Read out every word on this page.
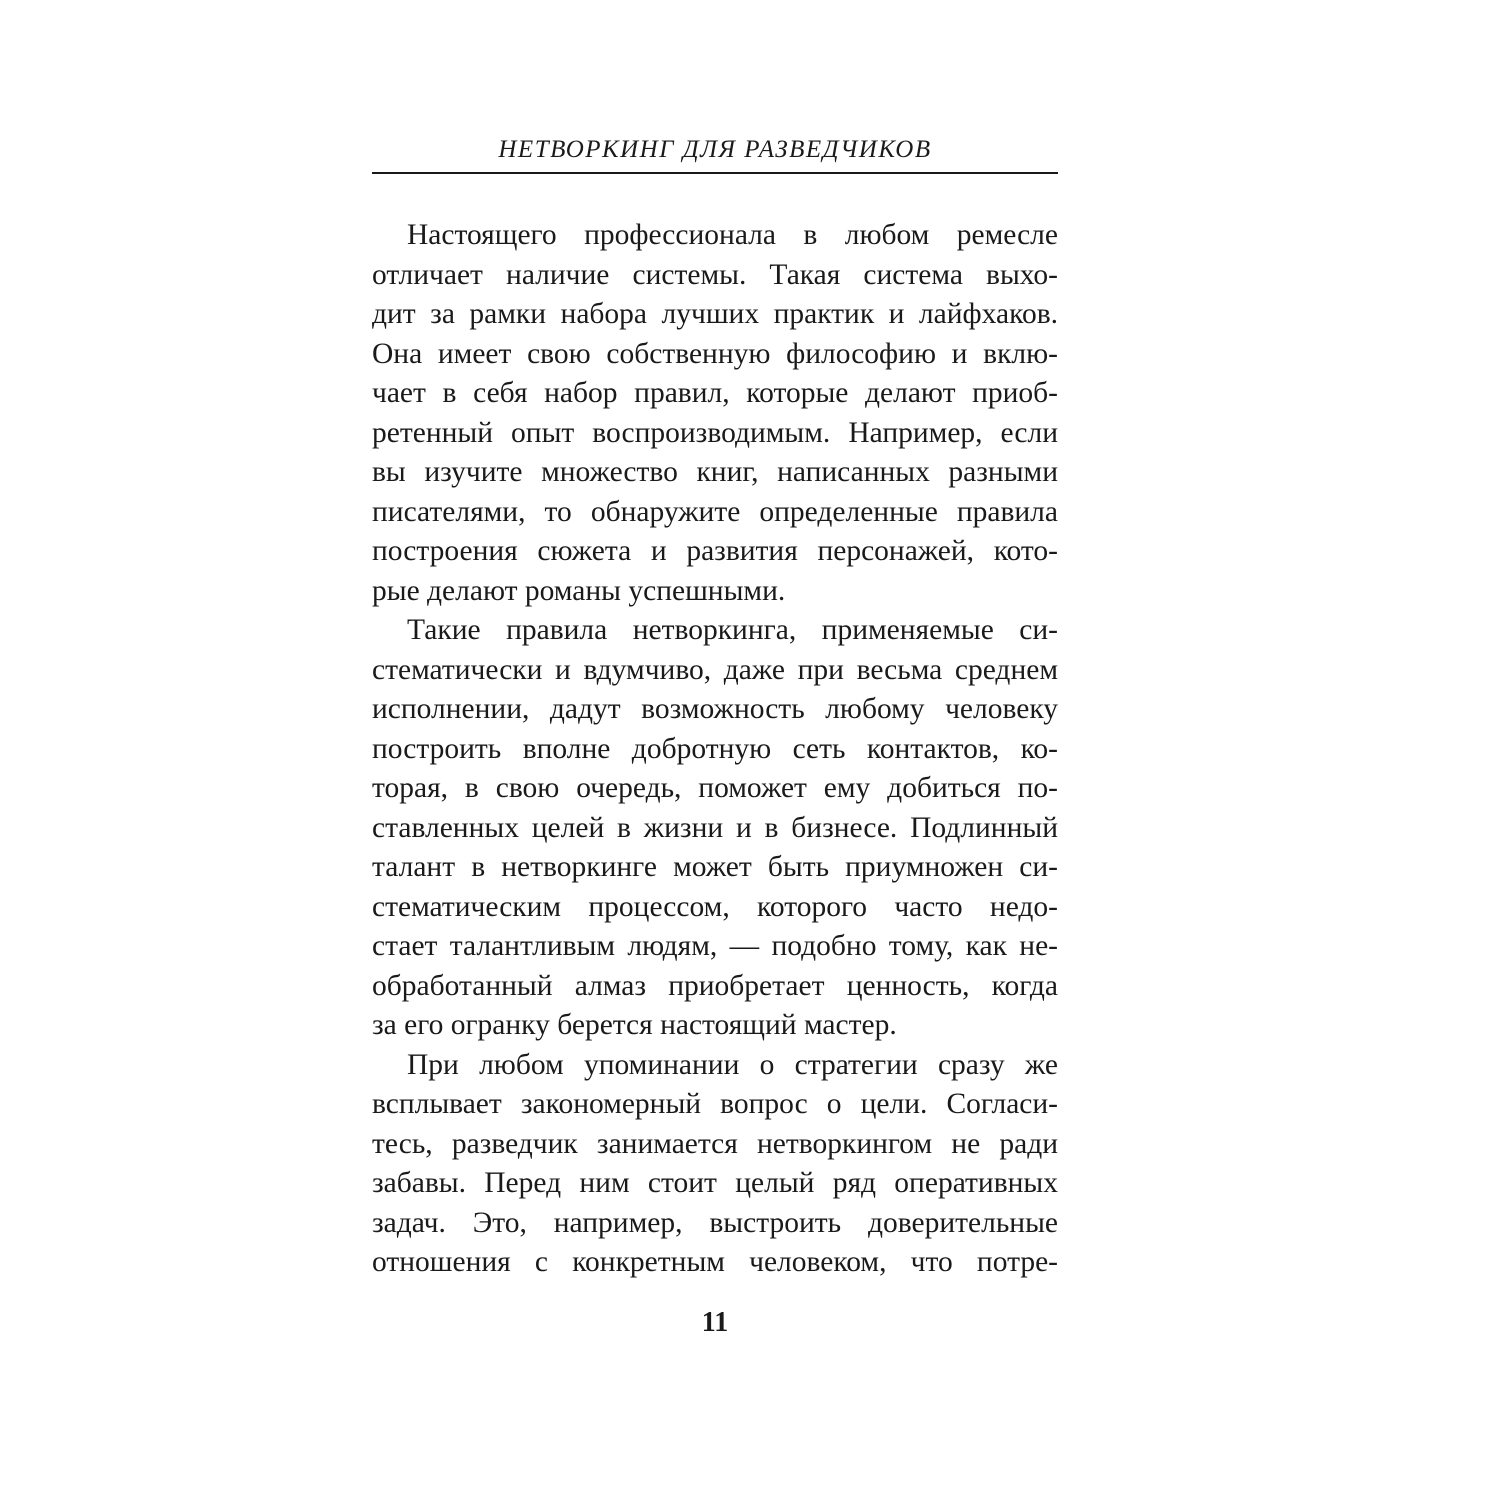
НЕТВОРКИНГ ДЛЯ РАЗВЕДЧИКОВ
Настоящего профессионала в любом ремесле
отличает наличие системы. Такая система выхо-
дит за рамки набора лучших практик и лайфхаков.
Она имеет свою собственную философию и вклю-
чает в себя набор правил, которые делают приоб-
ретенный опыт воспроизводимым. Например, если
вы изучите множество книг, написанных разными
писателями, то обнаружите определенные правила
построения сюжета и развития персонажей, кото-
рые делают романы успешными.
Такие правила нетворкинга, применяемые си-
стематически и вдумчиво, даже при весьма среднем
исполнении, дадут возможность любому человеку
построить вполне добротную сеть контактов, ко-
торая, в свою очередь, поможет ему добиться по-
ставленных целей в жизни и в бизнесе. Подлинный
талант в нетворкинге может быть приумножен си-
стематическим процессом, которого часто недо-
стает талантливым людям, — подобно тому, как не-
обработанный алмаз приобретает ценность, когда
за его огранку берется настоящий мастер.
При любом упоминании о стратегии сразу же
всплывает закономерный вопрос о цели. Согласи-
тесь, разведчик занимается нетворкингом не ради
забавы. Перед ним стоит целый ряд оперативных
задач. Это, например, выстроить доверительные
отношения с конкретным человеком, что потре-
11
